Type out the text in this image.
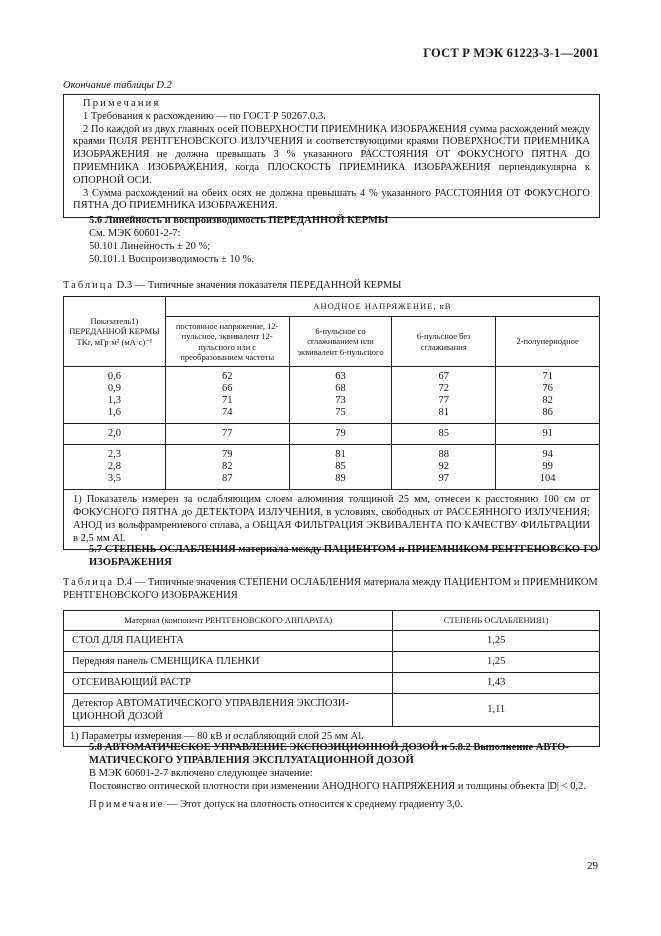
ГОСТ Р МЭК 61223-3-1—2001
Окончание таблицы D.2

Примечания

1 Требования к расхождению — по ГОСТ Р 50267.0.3.

2 По каждой из двух главных осей ПОВЕРХНОСТИ ПРИЕМНИКА ИЗОБРАЖЕНИЯ сумма расхождений между краями ПОЛЯ РЕНТГЕНОВСКОГО ИЗЛУЧЕНИЯ и соответствующими краями ПОВЕРХНОСТИ ПРИЕМНИКА ИЗОБРАЖЕНИЯ не должна превышать 3 % указанного РАССТОЯНИЯ ОТ ФОКУСНОГО ПЯТНА ДО ПРИЕМНИКА ИЗОБРАЖЕНИЯ, когда ПЛОСКОСТЬ ПРИЕМНИКА ИЗОБРАЖЕНИЯ перпендикулярна к ОПОРНОЙ ОСИ.

3 Сумма расхождений на обеих осях не должна превышать 4 % указанного РАССТОЯНИЯ ОТ ФОКУСНОГО ПЯТНА ДО ПРИЕМНИКА ИЗОБРАЖЕНИЯ.

5.6 Линейность и воспроизводимость ПЕРЕДАННОЙ КЕРМЫ
См. МЭК 60601-2-7:
50.101 Линейность ± 20 %;
50.101.1 Воспроизводимость ± 10 %.
Таблица D.3 — Типичные значения показателя ПЕРЕДАННОЙ КЕРМЫ
Показатель1) ПЕРЕДАННОЙ КЕРМЫ TKr, мГр·м² (мА·с)⁻¹	АНОДНОЕ НАПРЯЖЕНИЕ, кВ			
	постоянное напряжение, 12-пульсное, эквивалент 12-пульсного или с преобразованием частоты	6-пульсное со сглаживанием или эквивалент 6-пульсного	6-пульсное без сглаживания	2-полупериодное
0,6	62	63	67	71
0,9	66	68	72	76
1,3	71	73	77	82
1,6	74	75	81	86
2,0	77	79	85	91
2,3	79	81	88	94
2,8	82	85	92	99
3,5	87	89	97	104
1) Показатель измерен за ослабляющим слоем алюминия толщиной 25 мм, отнесен к расстоянию 100 см от ФОКУСНОГО ПЯТНА до ДЕТЕКТОРА ИЗЛУЧЕНИЯ, в условиях, свободных от РАССЕЯННОГО ИЗЛУЧЕНИЯ; АНОД из вольфрамрениевого сплава, а ОБЩАЯ ФИЛЬТРАЦИЯ ЭКВИВАЛЕНТА ПО КАЧЕСТВУ ФИЛЬТРАЦИИ в 2,5 мм Al.				
5.7 СТЕПЕНЬ ОСЛАБЛЕНИЯ материала между ПАЦИЕНТОМ и ПРИЕМНИКОМ РЕНТГЕНОВСКО-ГО ИЗОБРАЖЕНИЯ
Таблица D.4 — Типичные значения СТЕПЕНИ ОСЛАБЛЕНИЯ материала между ПАЦИЕНТОМ и ПРИЕМНИКОМ РЕНТГЕНОВСКОГО ИЗОБРАЖЕНИЯ
Материал (компонент РЕНТГЕНОВСКОГО АППАРАТА)	СТЕПЕНЬ ОСЛАБЛЕНИЯ1)
СТОЛ ДЛЯ ПАЦИЕНТА	1,25
Передняя панель СМЕНЩИКА ПЛЕНКИ	1,25
ОТСЕИВАЮЩИЙ РАСТР	1,43
Детектор АВТОМАТИЧЕСКОГО УПРАВЛЕНИЯ ЭКСПОЗИ-ЦИОННОЙ ДОЗОЙ	1,11
1) Параметры измерения — 80 кВ и ослабляющий слой 25 мм Al.	
5.8 АВТОМАТИЧЕСКОЕ УПРАВЛЕНИЕ ЭКСПОЗИЦИОННОЙ ДОЗОЙ и 5.8.2 Выполнение АВТО-МАТИЧЕСКОГО УПРАВЛЕНИЯ ЭКСПЛУАТАЦИОННОЙ ДОЗОЙ
В МЭК 60601-2-7 включено следующее значение:
Постоянство оптической плотности при изменении АНОДНОГО НАПРЯЖЕНИЯ и толщины объекта |D| < 0,2.
Примечание — Этот допуск на плотность относится к среднему градиенту 3,0.
29
